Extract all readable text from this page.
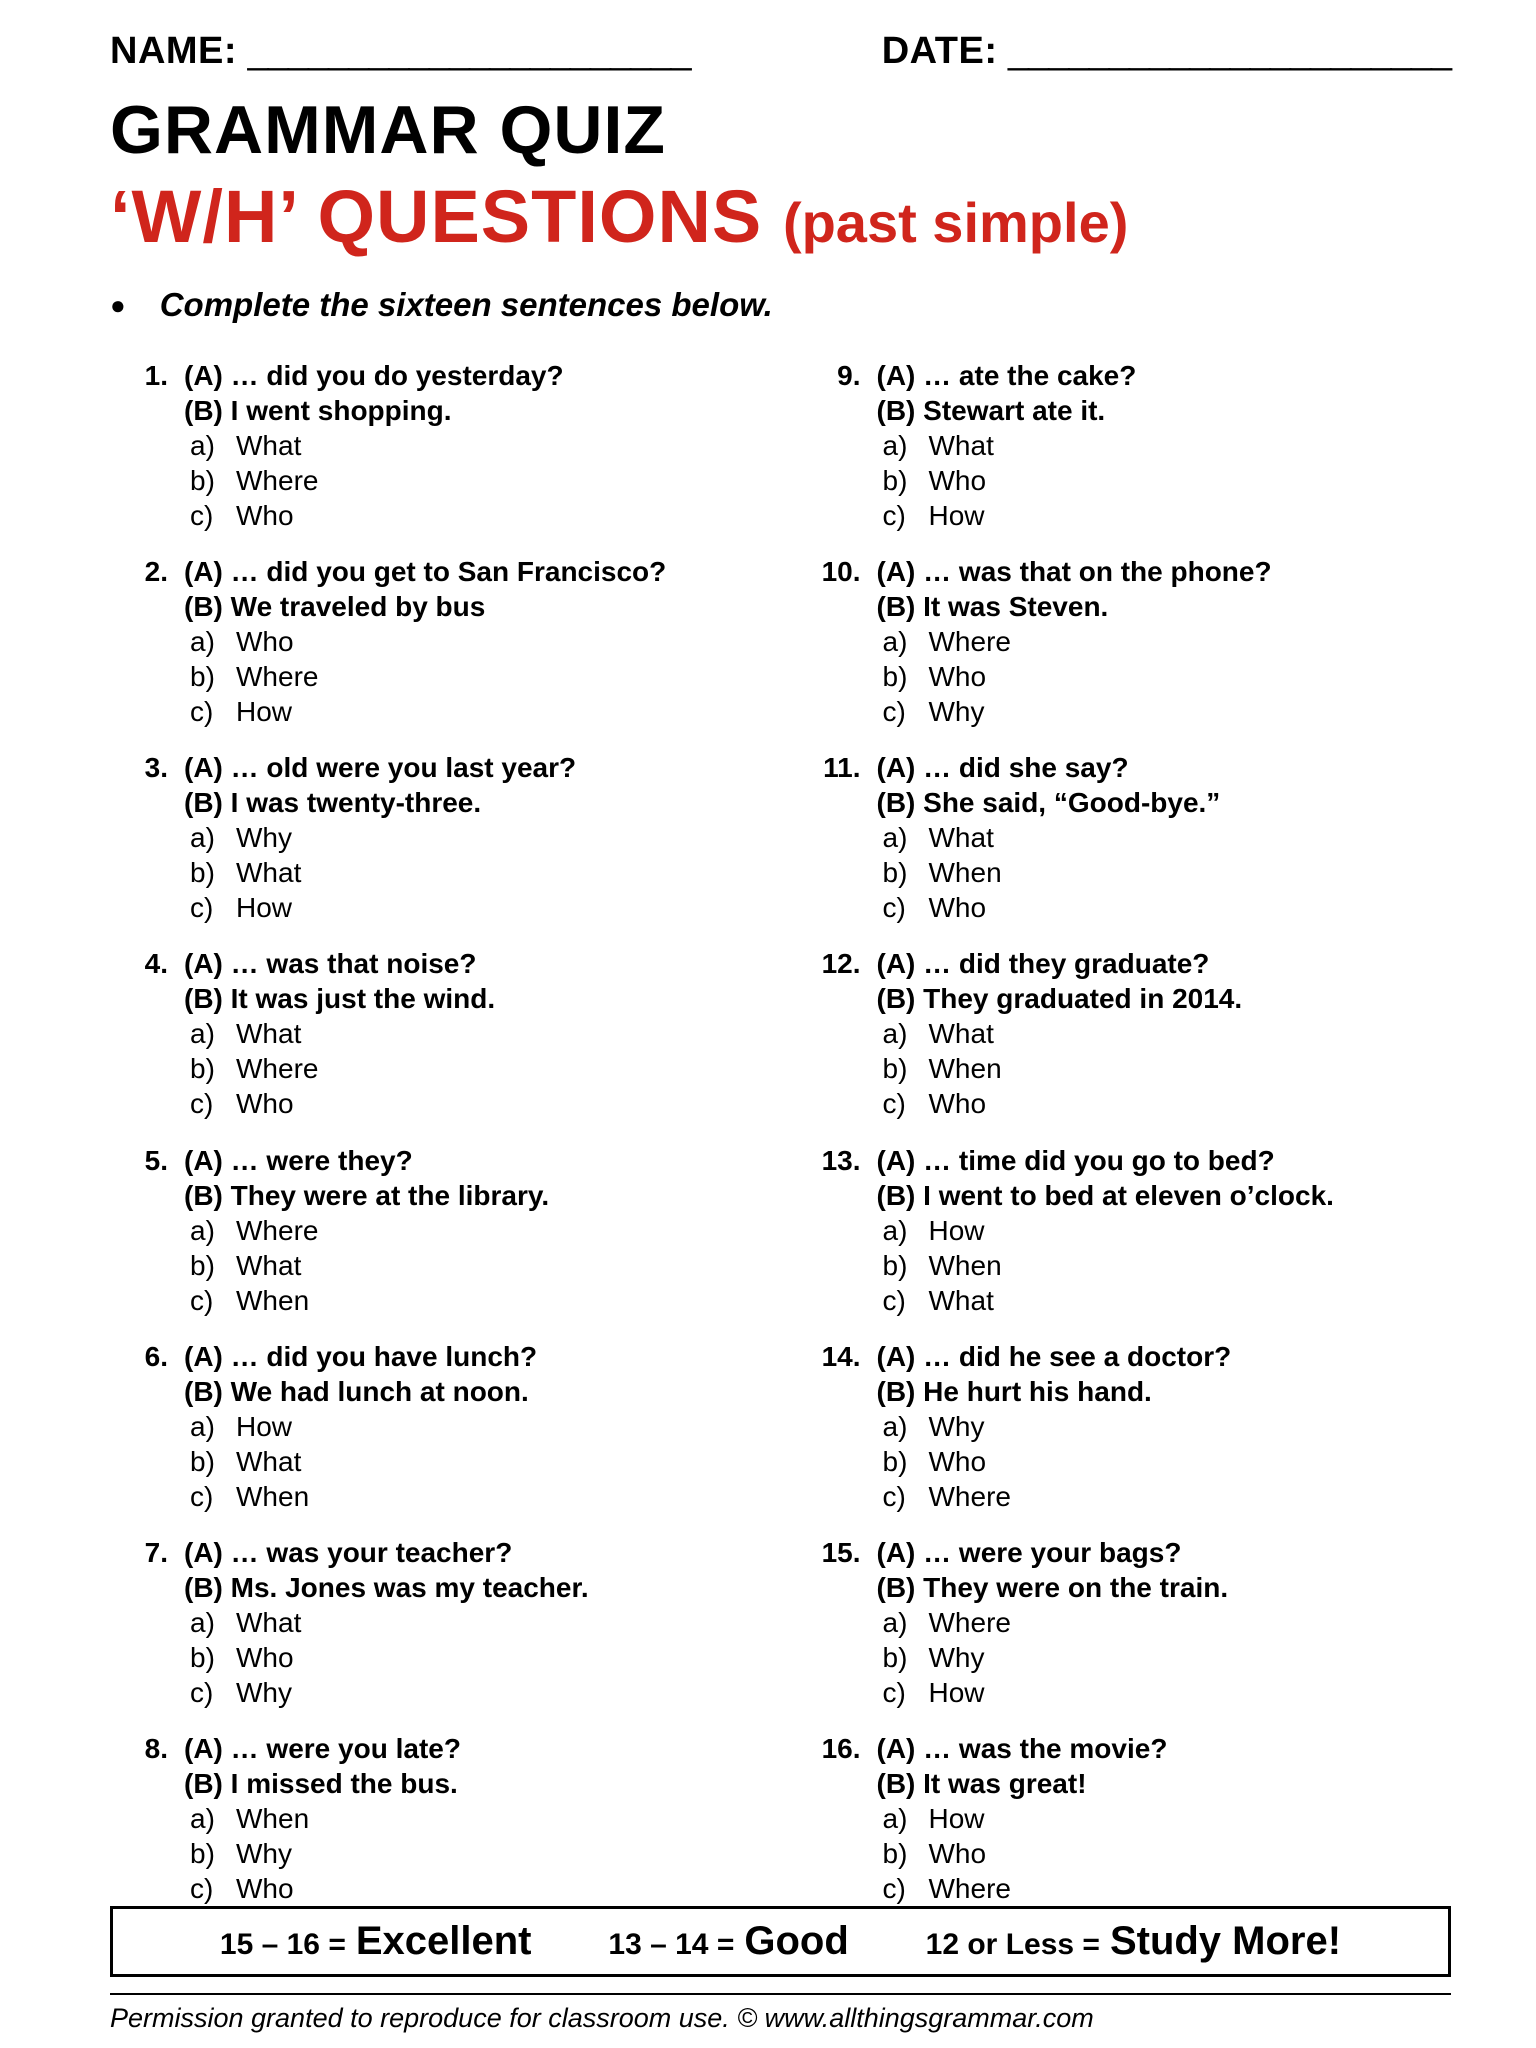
NAME: ______________________	DATE: ______________________
GRAMMAR QUIZ
‘W/H’ QUESTIONS (past simple)
● Complete the sixteen sentences below.
1. (A) … did you do yesterday?
(B) I went shopping.
a) What
b) Where
c) Who
2. (A) … did you get to San Francisco?
(B) We traveled by bus
a) Who
b) Where
c) How
3. (A) … old were you last year?
(B) I was twenty-three.
a) Why
b) What
c) How
4. (A) … was that noise?
(B) It was just the wind.
a) What
b) Where
c) Who
5. (A) … were they?
(B) They were at the library.
a) Where
b) What
c) When
6. (A) … did you have lunch?
(B) We had lunch at noon.
a) How
b) What
c) When
7. (A) … was your teacher?
(B) Ms. Jones was my teacher.
a) What
b) Who
c) Why
8. (A) … were you late?
(B) I missed the bus.
a) When
b) Why
c) Who
9. (A) … ate the cake?
(B) Stewart ate it.
a) What
b) Who
c) How
10. (A) … was that on the phone?
(B) It was Steven.
a) Where
b) Who
c) Why
11. (A) … did she say?
(B) She said, “Good-bye.”
a) What
b) When
c) Who
12. (A) … did they graduate?
(B) They graduated in 2014.
a) What
b) When
c) Who
13. (A) … time did you go to bed?
(B) I went to bed at eleven o’clock.
a) How
b) When
c) What
14. (A) … did he see a doctor?
(B) He hurt his hand.
a) Why
b) Who
c) Where
15. (A) … were your bags?
(B) They were on the train.
a) Where
b) Why
c) How
16. (A) … was the movie?
(B) It was great!
a) How
b) Who
c) Where
15 – 16 = Excellent	13 – 14 = Good	12 or Less = Study More!
Permission granted to reproduce for classroom use. © www.allthingsgrammar.com
